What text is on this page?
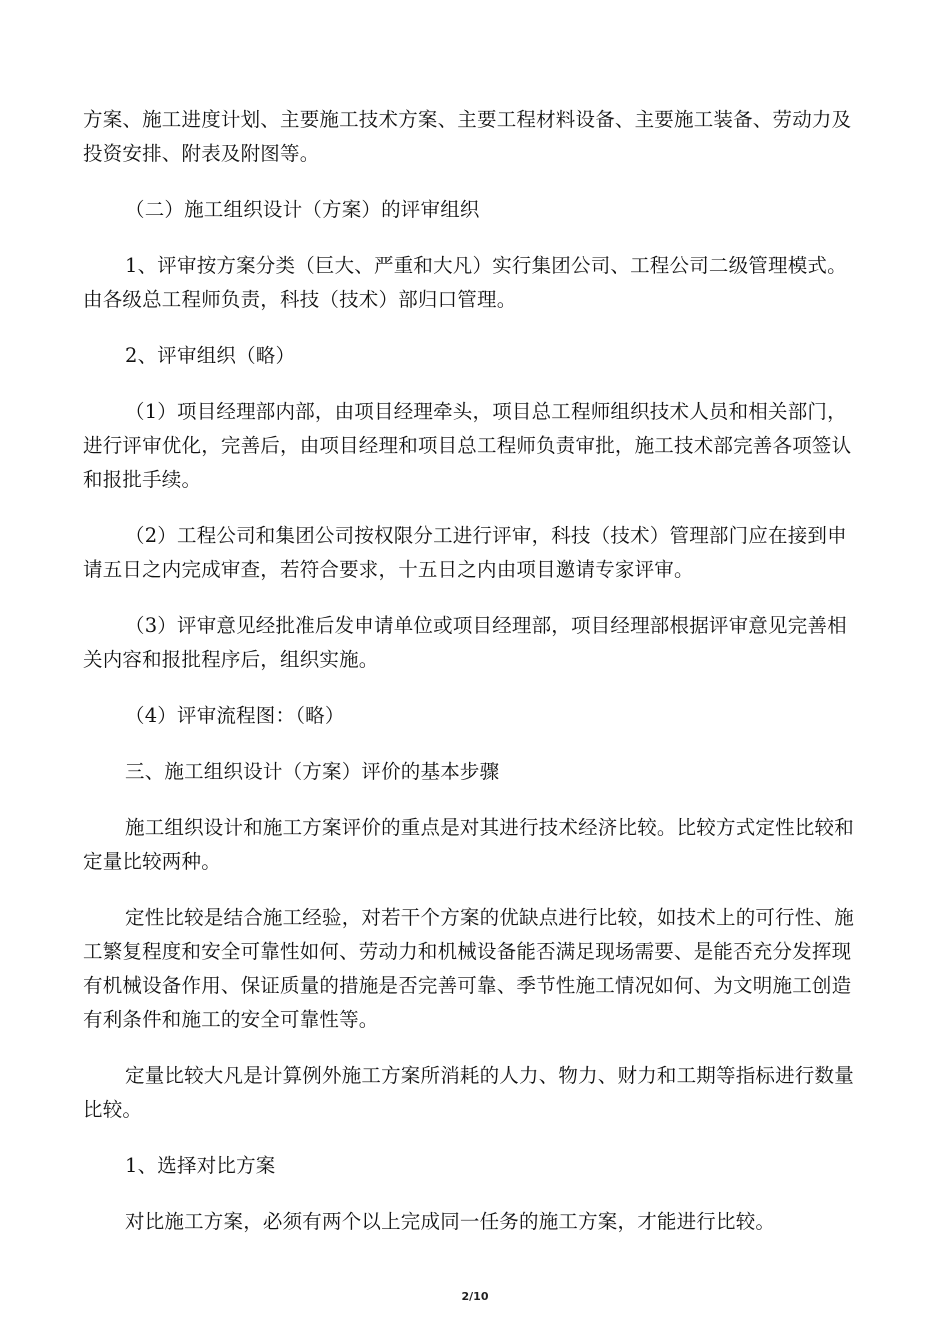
方案、施工进度计划、主要施工技术方案、主要工程材料设备、主要施工装备、劳动力及投资安排、附表及附图等。

（二）施工组织设计（方案）的评审组织

1、评审按方案分类（巨大、严重和大凡）实行集团公司、工程公司二级管理模式。由各级总工程师负责，科技（技术）部归口管理。

2、评审组织（略）

（1）项目经理部内部，由项目经理牵头，项目总工程师组织技术人员和相关部门，进行评审优化，完善后，由项目经理和项目总工程师负责审批，施工技术部完善各项签认和报批手续。

（2）工程公司和集团公司按权限分工进行评审，科技（技术）管理部门应在接到申请五日之内完成审查，若符合要求，十五日之内由项目邀请专家评审。

（3）评审意见经批准后发申请单位或项目经理部，项目经理部根据评审意见完善相关内容和报批程序后，组织实施。

（4）评审流程图：（略）

三、施工组织设计（方案）评价的基本步骤

施工组织设计和施工方案评价的重点是对其进行技术经济比较。比较方式定性比较和定量比较两种。

定性比较是结合施工经验，对若干个方案的优缺点进行比较，如技术上的可行性、施工繁复程度和安全可靠性如何、劳动力和机械设备能否满足现场需要、是能否充分发挥现有机械设备作用、保证质量的措施是否完善可靠、季节性施工情况如何、为文明施工创造有利条件和施工的安全可靠性等。

定量比较大凡是计算例外施工方案所消耗的人力、物力、财力和工期等指标进行数量比较。

1、选择对比方案

对比施工方案，必须有两个以上完成同一任务的施工方案，才能进行比较。

2/10
